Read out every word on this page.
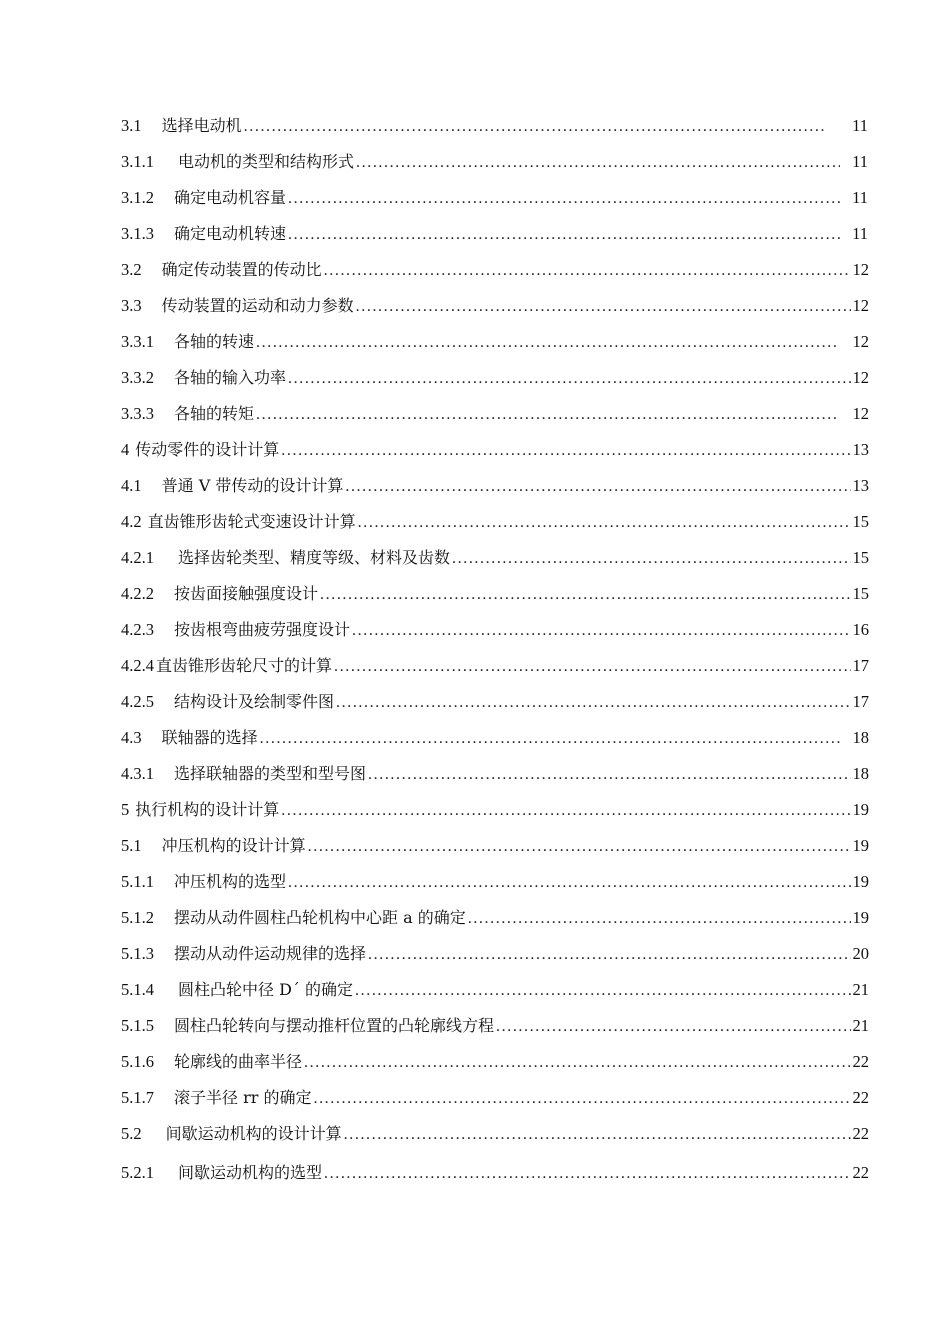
3.1 选择电动机 . . .	11
3.1.1 电动机的类型和结构形式 . . .	11
3.1.2 确定电动机容量 . . .	11
3.1.3 确定电动机转速 . . .	11
3.2 确定传动装置的传动比 . . .	12
3.3 传动装置的运动和动力参数 . . .	12
3.3.1 各轴的转速 . . .	12
3.3.2 各轴的输入功率 . . .	12
3.3.3 各轴的转矩 . . .	12
4 传动零件的设计计算 . . .	13
4.1 普通 V 带传动的设计计算 . . .	13
4.2 直齿锥形齿轮式变速设计计算 . . .	15
4.2.1 选择齿轮类型、精度等级、材料及齿数 . . .	15
4.2.2 按齿面接触强度设计 . . .	15
4.2.3 按齿根弯曲疲劳强度设计 . . .	16
4.2.4 直齿锥形齿轮尺寸的计算 . . .	17
4.2.5 结构设计及绘制零件图 . . .	17
4.3 联轴器的选择 . . .	18
4.3.1 选择联轴器的类型和型号图 . . .	18
5 执行机构的设计计算 . . .	19
5.1 冲压机构的设计计算 . . .	19
5.1.1 冲压机构的选型 . . .	19
5.1.2 摆动从动件圆柱凸轮机构中心距 a 的确定 . . .	19
5.1.3 摆动从动件运动规律的选择 . . .	20
5.1.4 圆柱凸轮中径 D´ 的确定 . . .	21
5.1.5 圆柱凸轮转向与摆动推杆位置的凸轮廓线方程 . . .	21
5.1.6 轮廓线的曲率半径 . . .	22
5.1.7 滚子半径 rr 的确定 . . .	22
5.2 间歇运动机构的设计计算 . . .	22
5.2.1 间歇运动机构的选型 . . .	22
